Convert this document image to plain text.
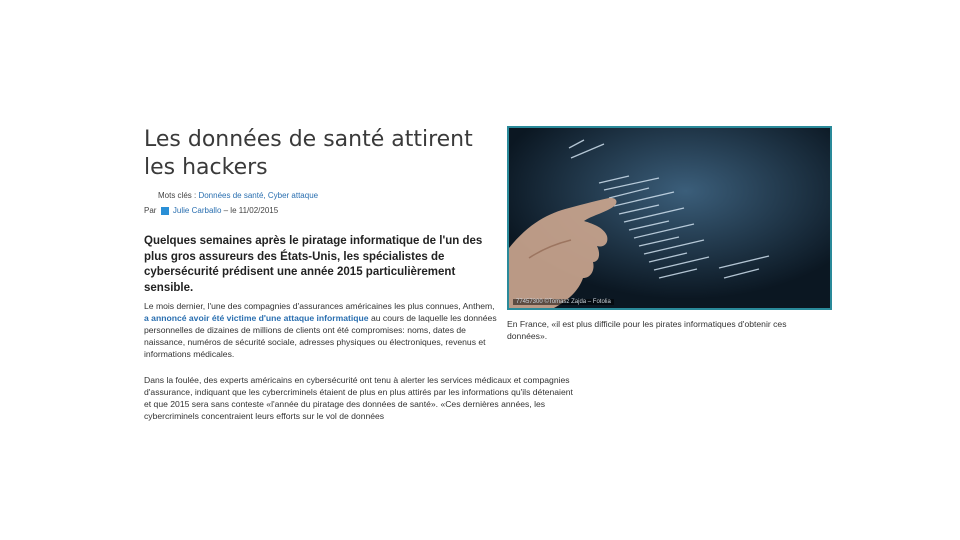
Les données de santé attirent les hackers
Mots clés : Données de santé, Cyber attaque
Par Julie Carballo – le 11/02/2015

Quelques semaines après le piratage informatique de l'un des plus gros assureurs des États-Unis, les spécialistes de cybersécurité prédisent une année 2015 particulièrement sensible.

Le mois dernier, l'une des compagnies d'assurances américaines les plus connues, Anthem, a annoncé avoir été victime d'une attaque informatique au cours de laquelle les données personnelles de dizaines de millions de clients ont été compromises: noms, dates de naissance, numéros de sécurité sociale, adresses physiques ou électroniques, revenus et informations médicales.

Dans la foulée, des experts américains en cybersécurité ont tenu à alerter les services médicaux et compagnies d'assurance, indiquant que les cybercriminels étaient de plus en plus attirés par les informations qu'ils détenaient et que 2015 sera sans conteste «l'année du piratage des données de santé». «Ces dernières années, les cybercriminels concentraient leurs efforts sur le vol de données

77457300 ©Tomasz Zajda – Fotolia

En France, «il est plus difficile pour les pirates informatiques d'obtenir ces données».
